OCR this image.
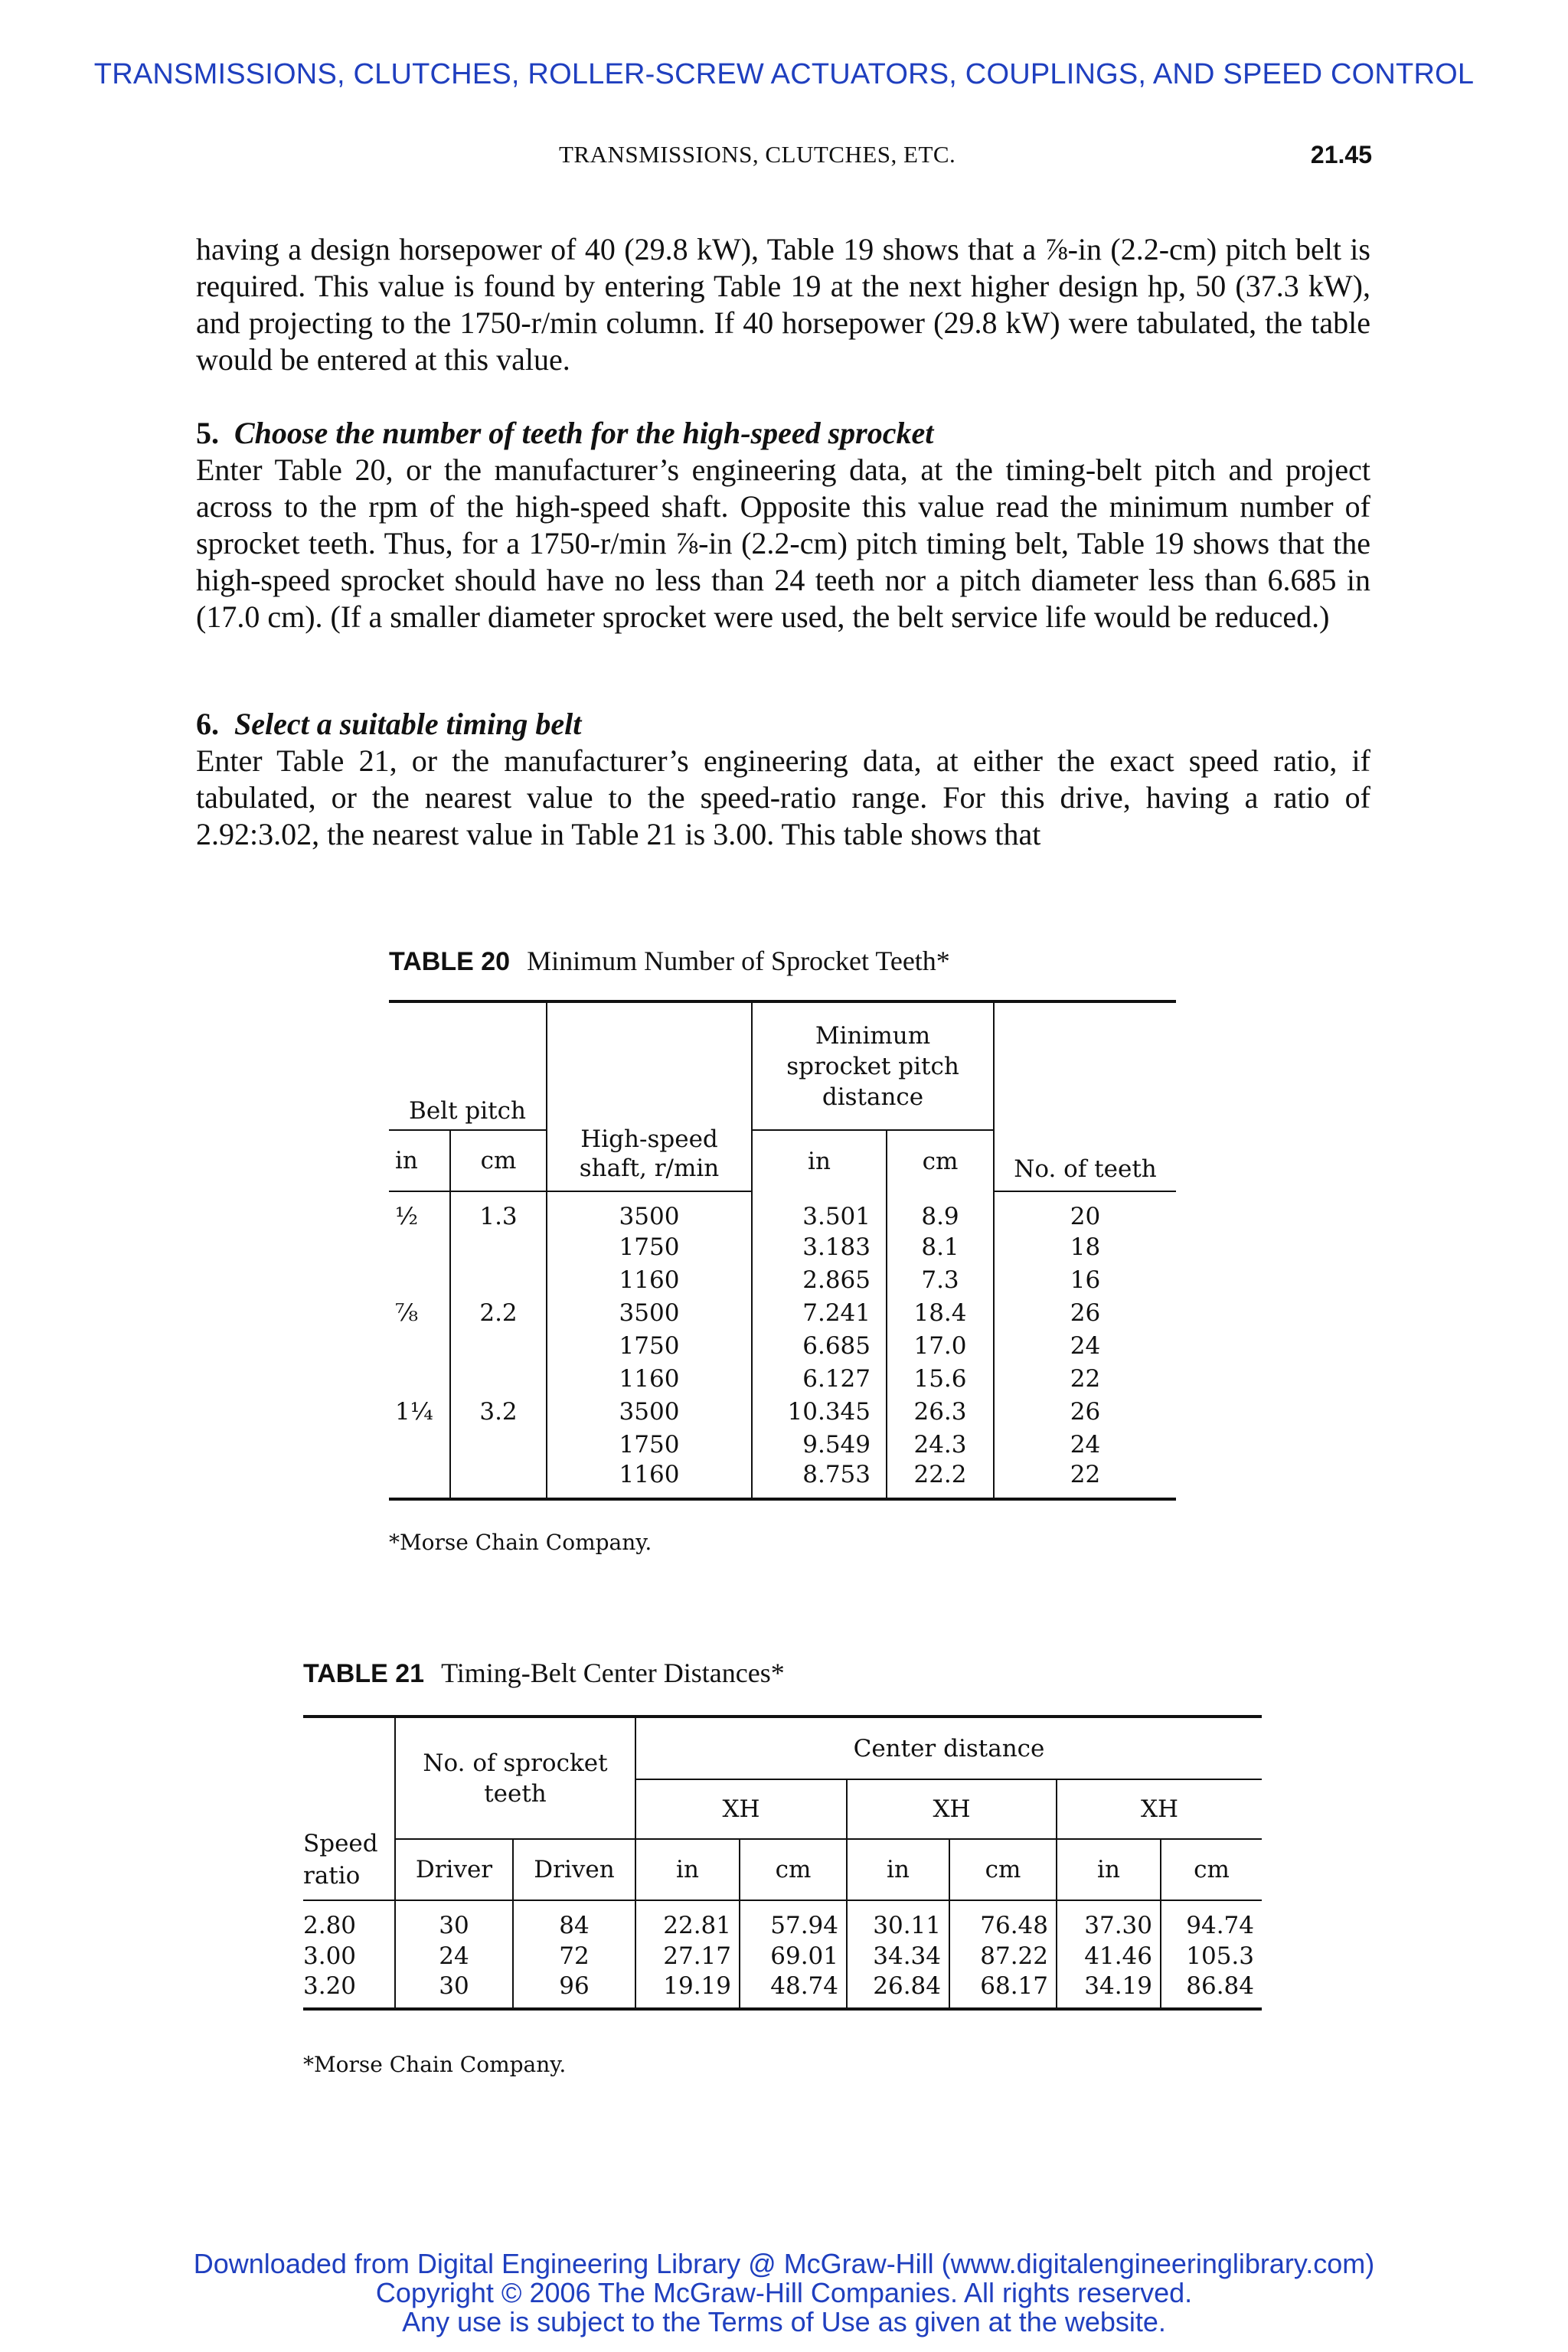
TRANSMISSIONS, CLUTCHES, ROLLER-SCREW ACTUATORS, COUPLINGS, AND SPEED CONTROL
TRANSMISSIONS, CLUTCHES, ETC.	21.45

having a design horsepower of 40 (29.8 kW), Table 19 shows that a ⅞-in (2.2-cm) pitch belt is required. This value is found by entering Table 19 at the next higher design hp, 50 (37.3 kW), and projecting to the 1750-r/min column. If 40 horsepower (29.8 kW) were tabulated, the table would be entered at this value.

5. Choose the number of teeth for the high-speed sprocket

Enter Table 20, or the manufacturer’s engineering data, at the timing-belt pitch and project across to the rpm of the high-speed shaft. Opposite this value read the minimum number of sprocket teeth. Thus, for a 1750-r/min ⅞-in (2.2-cm) pitch timing belt, Table 19 shows that the high-speed sprocket should have no less than 24 teeth nor a pitch diameter less than 6.685 in (17.0 cm). (If a smaller diameter sprocket were used, the belt service life would be reduced.)

6. Select a suitable timing belt

Enter Table 21, or the manufacturer’s engineering data, at either the exact speed ratio, if tabulated, or the nearest value to the speed-ratio range. For this drive, having a ratio of 2.92:3.02, the nearest value in Table 21 is 3.00. This table shows that

TABLE 20 Minimum Number of Sprocket Teeth*
Belt pitch		High-speed shaft, r/min	Minimum sprocket pitch distance		No. of teeth
in	cm		in	cm	
½	1.3	3500	3.501	8.9	20
		1750	3.183	8.1	18
		1160	2.865	7.3	16
⅞	2.2	3500	7.241	18.4	26
		1750	6.685	17.0	24
		1160	6.127	15.6	22
1¼	3.2	3500	10.345	26.3	26
		1750	9.549	24.3	24
		1160	8.753	22.2	22
*Morse Chain Company.
TABLE 21 Timing-Belt Center Distances*
Speed ratio	No. of sprocket teeth		Center distance					
			XH		XH		XH	
	Driver	Driven	in	cm	in	cm	in	cm
2.80	30	84	22.81	57.94	30.11	76.48	37.30	94.74
3.00	24	72	27.17	69.01	34.34	87.22	41.46	105.3
3.20	30	96	19.19	48.74	26.84	68.17	34.19	86.84
*Morse Chain Company.
Downloaded from Digital Engineering Library @ McGraw-Hill (www.digitalengineeringlibrary.com)
Copyright © 2006 The McGraw-Hill Companies. All rights reserved.
Any use is subject to the Terms of Use as given at the website.
